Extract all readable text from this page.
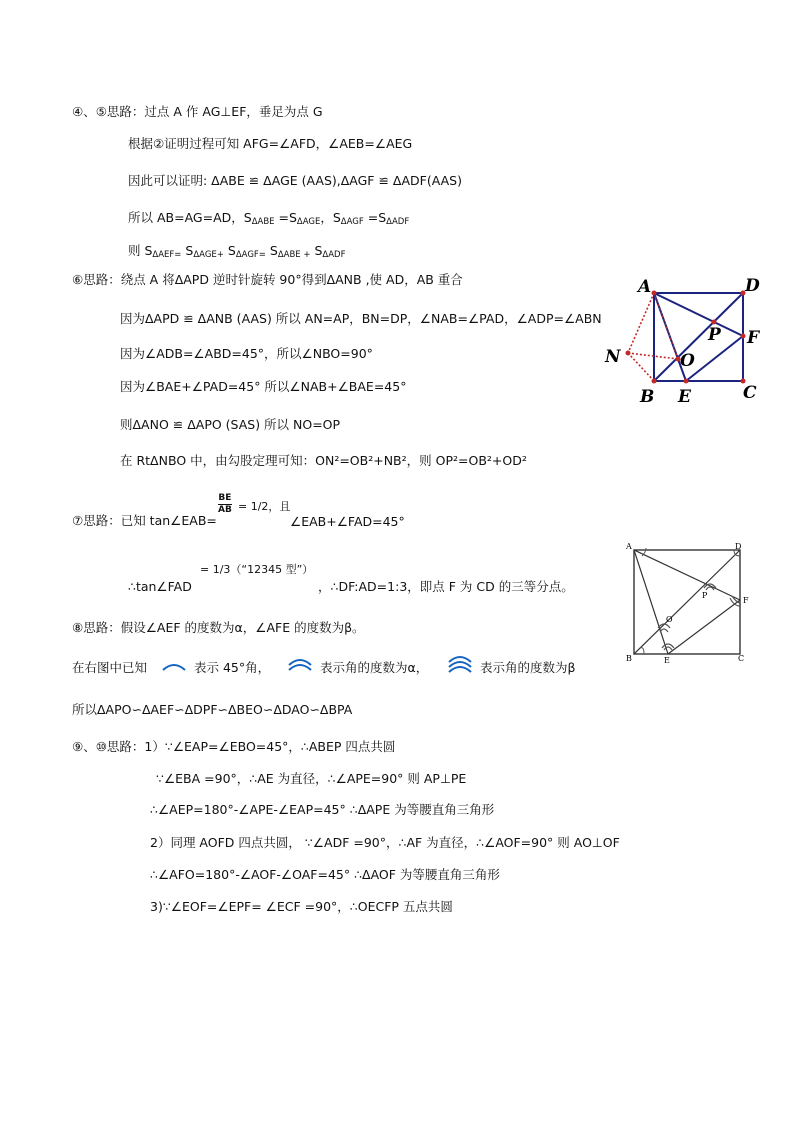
④、⑤思路：过点 A 作 AG⊥EF，垂足为点 G
根据②证明过程可知 AFG=∠AFD，∠AEB=∠AEG
因此可以证明: ΔABE ≌ ΔAGE (AAS),ΔAGF ≌ ΔADF(AAS)
所以 AB=AG=AD，$S_{\Delta ABE} =S_{\Delta AGE}$，$S_{\Delta AGF} =S_{\Delta ADF}$
则 $S_{\Delta AEF=}$ $S_{\Delta AGE+}$ $S_{\Delta AGF=}$ $S_{\Delta ABE +}$ $S_{\Delta ADF}$
⑥思路：绕点 A 将ΔAPD 逆时针旋转 90°得到ΔANB ,使 AD，AB 重合
因为ΔAPD ≌ ΔANB (AAS) 所以 AN=AP，BN=DP，∠NAB=∠PAD，∠ADP=∠ABN
因为∠ADB=∠ABD=45°，所以∠NBO=90°
因为∠BAE+∠PAD=45° 所以∠NAB+∠BAE=45°
则ΔANO ≌ ΔAPO (SAS) 所以 NO=OP
在 RtΔNBO 中，由勾股定理可知：ON²=OB²+NB²，则 OP²=OB²+OD²
A	D
P F
N	O
B E	C
⑦思路：已知 tan∠EAB=
$\frac{BE}{AB} = 1/2$，且
∠EAB+∠FAD=45°
∴tan∠FAD
= 1/3（“12345 型”）
，∴DF:AD=1:3，即点 F 为 CD 的三等分点。
A	D
P
F
O
B	E	C
⑧思路：假设∠AEF 的度数为α，∠AFE 的度数为β。
在右图中已知	表示 45°角，	表示角的度数为α，	表示角的度数为β
所以ΔAPO∽ΔAEF∽ΔDPF∽ΔBEO∽ΔDAO∽ΔBPA
⑨、⑩思路：1）∵∠EAP=∠EBO=45°，∴ABEP 四点共圆
∵∠EBA =90°，∴AE 为直径，∴∠APE=90° 则 AP⊥PE
∴∠AEP=180°-∠APE-∠EAP=45° ∴ΔAPE 为等腰直角三角形
2）同理 AOFD 四点共圆， ∵∠ADF =90°，∴AF 为直径，∴∠AOF=90° 则 AO⊥OF
∴∠AFO=180°-∠AOF-∠OAF=45° ∴ΔAOF 为等腰直角三角形
3)∵∠EOF=∠EPF= ∠ECF =90°，∴OECFP 五点共圆
